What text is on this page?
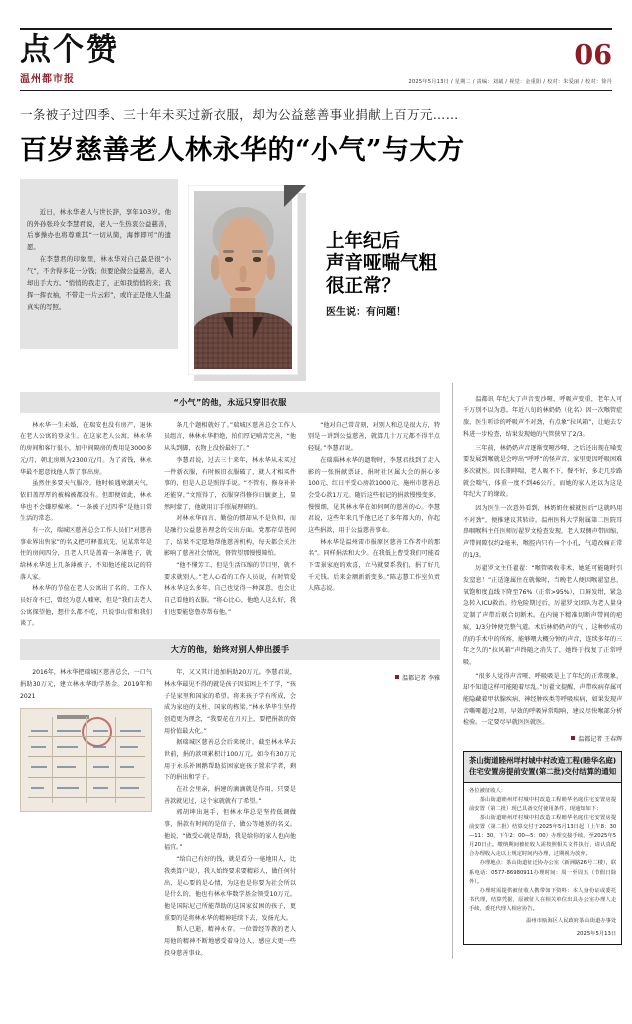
点个赞
温州都市报
06
2025年5月13日 / 星期二 / 责编：刘斌 / 视觉：金重阳 / 校对：朱爱丽 / 校对：徐丹
一条被子过四季、三十年未买过新衣服，却为公益慈善事业捐献上百万元……
百岁慈善老人林永华的“小气”与大方

近日，林永华老人与世长辞，享年103岁。他的外孙张玲女李慧君说，老人一生热衷公益慈善，后事操办也将尊重其“一切从简，海葬即可”的遗愿。

在李慧君的印象里，林永华对自己最是很“小气”，不舍得多花一分钱；但要论做公益慈善，老人却出手大方。“悄悄的我走了，正如我悄悄的来；我挥一挥衣袖，不带走一片云彩”，或许正是他人生最真实的写照。

上年纪后
声音哑喘气粗
很正常？
医生说：有问题！
“小气”的他，永远只穿旧衣服

林永华一生未婚，在瑞安也没有房产，退休在老人公寓的登录生。在这家老人公寓，林永华的房间和客厅很小，加中间隔房的费用是3000多元/月，朝北房则为2300元/月。为了省钱，林永华最不愿意找他人帮了事出房。

虽然住多要天气服冷，他时候遇寒潮天气，依旧盖厚厚的被棉被都没有。但即便如此，林永华也不会嫌厚棉寒。“一条被子过四季”是他日常生活的常态。

有一次，瑞城区慈善总会工作人员们“对慈善事业界出售家”的名义把可释盖坑先，见某常年是住的房间四分，且老人只是盖着一条薄毯子，就给林永华送上几条薄被子，不知他还能以记的符落人家。

林永华的节俭在老人公寓出了名的，工作人员好奇不已，曾经为意人嘘寒，但是“我们去老人公寓探望他，想什么都不吃，只说事山常和我们谈了。

条几个题相就好了。”瑞城区慈善总会工作人员组言，林林永华拒绝，拍们厚记哺苦完善，“他从头到脚，衣物上没扮最好了。”

李慧君说，过去三十来年，林永华从未买过一件新衣服，有时候旧衣服破了，就人才相买件事的，但是人总是照得手说。“不管有，修身补补还能穿，”文照得了，衣服穿得修你日毓妻上，显然阿蒙了，他就用订手照展理研的。

对林永华而言，勤俭的惯却从不是负担，而是融行公益慈善理念的交出方面。党那存草苍间了，结果不定愿地帮他慈善机构，每天都会关注影响了慈善社会情况，督管望那慢慢筛怕。

“他不懂芳工，但是生活压缩的节目里，就不要求就别人。”老人心看的工作人员说，有时管爱林永华这么多年，自己也觉得一种深意，也会让自己看他的衣服。“将心比心，他绝人这么好，我们也要能您鲁赤帮布他。”

“他对自己常苛刻，对别人和总是很大方，特别是一讲到公益慈善，就算几十万元都不得半点轻疑。”李慧君说。

在瑞瑙林永华的遗物时，李慧君找到了走入影的一张捐献票证，捐时社区属大会的捐心多100元、红日平受心房款1000元、施州市慈善总会受心款1万元。随后这些很记的捐款慢慢变多，慢慢细，见其林永华在如何呵的慈善的心。李慧君说，这些年来几乎他已还了多年都大的，你起这些捐款，用于公益慈善事业。

林永华是温州雷市报原区慈善工作者中的那名”。同样捐活和大少。在我低上曹受我们可能看下雪景家庭的欢喜，立马就要系我们，捐了好几千元钱。后来金额新新变多。”陈志慧工作室负责人陈志说。

大方的他，始终对别人伸出援手

2016年，林永华把瑞城区慈善总会，一口气捐助30万元，建立林永华助学基金。2019年和2021

年，又又其计追加捐助20万元。李慧君说，林永华最见不得的就是孩子因贫困上不了学，“孩子是家里和国家的希望。将来孩子学有所成，会成为家庭的支柱、国家的栋梁。”林永华毕生坚持创造更为理念，“我要花在刀刃上，要把捐款的资用价值最大化。”

据瑞城区慈善总会后来统计，截至林永华去世前，捐的款项累积计100万元。如今有30万元用于永乐补困鹅帮助贫困家庭孩子置求学者，剩下的捐出和学子。

在社会里亲，捐建的滴滴就是作用，只要是善款就见过，这个家就就有了希望。”

郭胡坤出退手，但林永华总是坚持低调做事，捐款有时间的是信子，做公等她基的名义。他说，“做受心就是帮助，我是给你的家人也向他福宜。”

“给自己有好的钱，就是看分一毫地用人，比我类算户说），我人始终要求要精彩人，做任何付出，是心要的是心情，为这也是你要为社会所以是什么的，他也有林永华数学基金领受10万元。他是国际尼己所能帮助的这国家贫困的孩子，更重要的是将林永华的精神延续下去，发扬光大。

斯人已逝，精神永存。一位曾经等教的老人用他的精神不断地感受着身边人，感应大更一些投身慈善事业。

温都记者 李雅

温都讯 年纪大了声音变沙哑、呼吸声变重，老年人可千万别不以为意。年近八旬的林奶奶（化名）因一次喉管症旅，医生听诊的呼吸声不对劲，有点象“拉风箱”，让她去专科进一步检查，结果发现她的气管狭窄了2/3。

三年前，林奶奶声音逐渐变哑沙哑，之后还出现在嗓变要发展到喉就是会哼出“呼呼”的怪声音，家里更因呼吸困难多次就医。因长期哮喘，老人吸不下，餐不好，多走几步路就会喘气，体重一度不到46公斤，而她的家人还以为这是年纪大了的缘故。

因为医生一次意外看到，林奶奶住被就医后“这就吗用不对劲”，便推建议其转诊。温州医科大学附属第二医院耳鼻咽喉科主任医师厉翟罗文检查发现，老人双侧声带固缩，声带间隙仅约2毫米，喉腔内只有一个小孔，气道改痛正常的1/3。

厉翟罗文主任翟翟：“喉管吸收非术，她延可能随时引发窒息！”正适逢属住在就像时，当晚老人便因喉翟窒息，氧饱和度直线下降至76%（正常>95%），口唇发绀，紧急急转入ICU救治。待危险期过后，厉翟罗文团队为老人量身定制了声带后联合切断术。在内镜下精准切断声带间的疤痕，1/3分钟便完整气道。术后林奶奶声的气 ，这种妙成功的的手术中的所疼，能够喂大概分钟的声音，连续多年的三年之久的“拉风箱”声终随之消失了，她终于找复了正常呼吸。

“很多人觉得声音哑、呼吸吸是上了年纪的正常现象，却不知道这样可能随着尽乱。”厉翟文提醒，声带疾病存属可能隐藏着甲状腺疾病、神经肿疾类等呼吸疾病，如果发现声音嘶哑超过2周，早效的呼吸异常喘响，建议尽快喉部分析检验。一定要尽早就医医就医。

温都记者 王春辉
茶山街道睦州垟村城中村改造工程(睦华名庭)
住宅安置房提前安置(第二批)交付结算的通知

各位被征收人：

茶山街道睦州垟村城中村改造工程睦华名庭住宅安置房提前安置（第二批）现已具备交付使用条件，现通知如下：

茶山街道睦州垟村城中村改造工程睦华名庭住宅安置房提前安置（第二批）结算交付于2025年5月13日起（上午8：30—11：30，下午2：00—5：00）办理交接手续，至2025年5月20日止。缴纳期间被征收人需按照相关文件执行，请认真配合办理收入走以上规定时间内办理，过期视为放弃。

办理地点：茶山街道征迁协办公室（新洲路26号二楼），联系电话：0577-86980911办理时间：周一至周五（节假日除外）。

办理时需提供被征收人携带如下资料：本人身份证或委托书代理，结算凭据，原被征人在相关单位出具办公室办理人走手续，委托代理人相应协告。

温州市瓯海区人民政府茶山街道办事处
2025年5月13日
